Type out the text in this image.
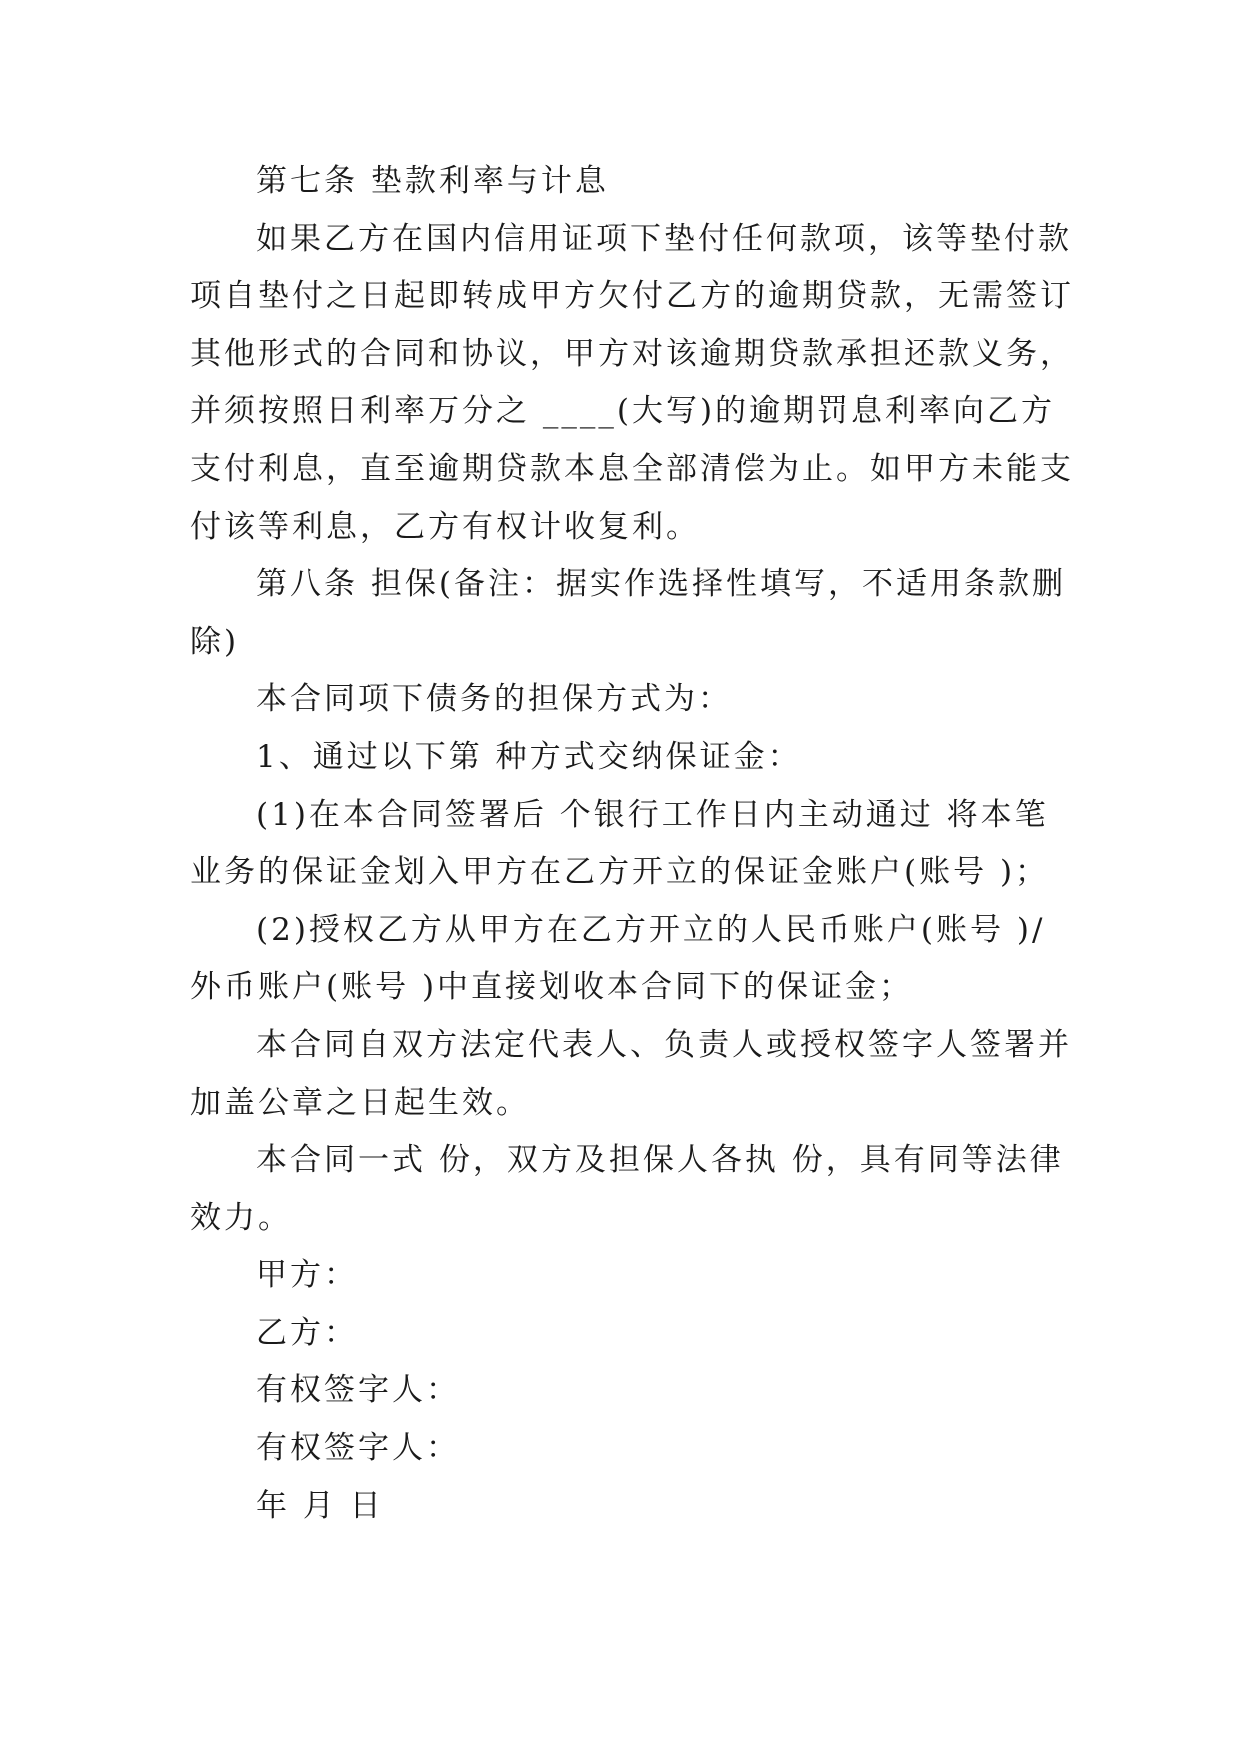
第七条 垫款利率与计息
如果乙方在国内信用证项下垫付任何款项，该等垫付款
项自垫付之日起即转成甲方欠付乙方的逾期贷款，无需签订
其他形式的合同和协议，甲方对该逾期贷款承担还款义务，
并须按照日利率万分之 ____(大写)的逾期罚息利率向乙方
支付利息，直至逾期贷款本息全部清偿为止。如甲方未能支
付该等利息，乙方有权计收复利。
第八条 担保(备注：据实作选择性填写，不适用条款删
除)
本合同项下债务的担保方式为：
1、通过以下第 种方式交纳保证金：
(1)在本合同签署后 个银行工作日内主动通过 将本笔
业务的保证金划入甲方在乙方开立的保证金账户(账号 )；
(2)授权乙方从甲方在乙方开立的人民币账户(账号 )/
外币账户(账号 )中直接划收本合同下的保证金；
本合同自双方法定代表人、负责人或授权签字人签署并
加盖公章之日起生效。
本合同一式 份，双方及担保人各执 份，具有同等法律
效力。
甲方：
乙方：
有权签字人：
有权签字人：
年 月 日
